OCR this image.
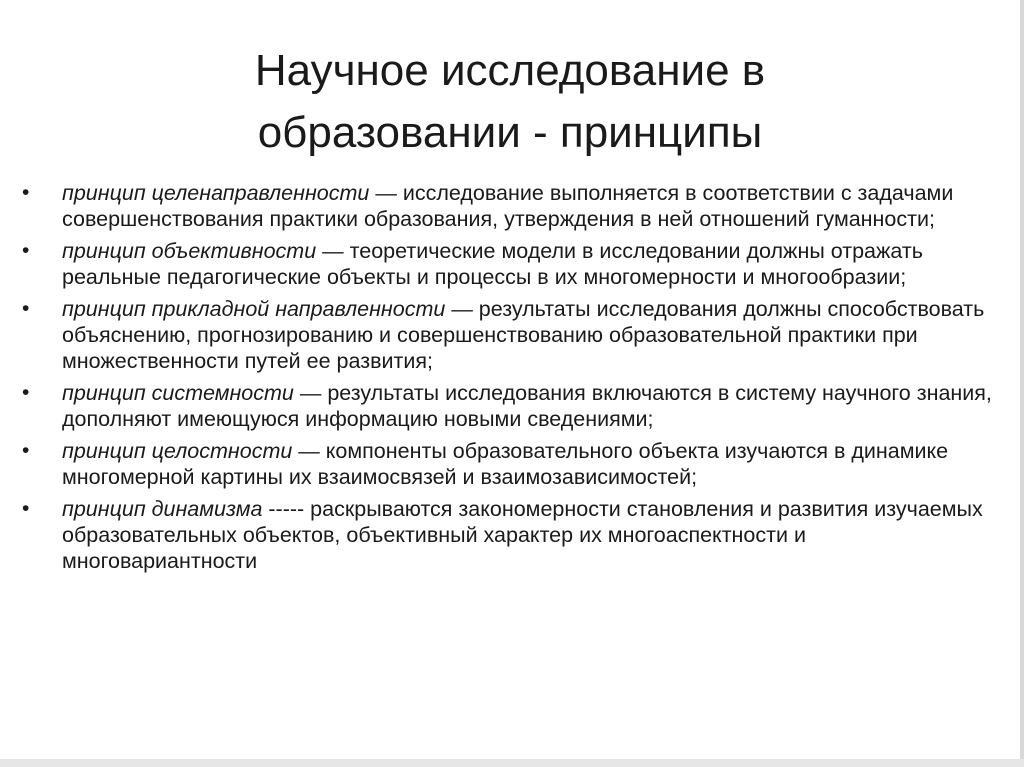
Научное исследование в
образовании - принципы
•	принцип целенаправленности — исследование выполняется в соответствии с задачами совершенствования практики образования, утверждения в ней отношений гуманности;
•	принцип объективности — теоретические модели в исследовании должны отражать реальные педагогические объекты и процессы в их многомерности и многообразии;
•	принцип прикладной направленности — результаты исследования должны способствовать объяснению, прогнозированию и совершенствованию образовательной практики при множественности путей ее развития;
•	принцип системности — результаты исследования включаются в систему научного знания, дополняют имеющуюся информацию новыми сведениями;
•	принцип целостности — компоненты образовательного объекта изучаются в динамике многомерной картины их взаимосвязей и взаимозависимостей;
•	принцип динамизма ----- раскрываются закономерности становления и развития изучаемых образовательных объектов, объективный характер их многоаспектности и многовариантности
